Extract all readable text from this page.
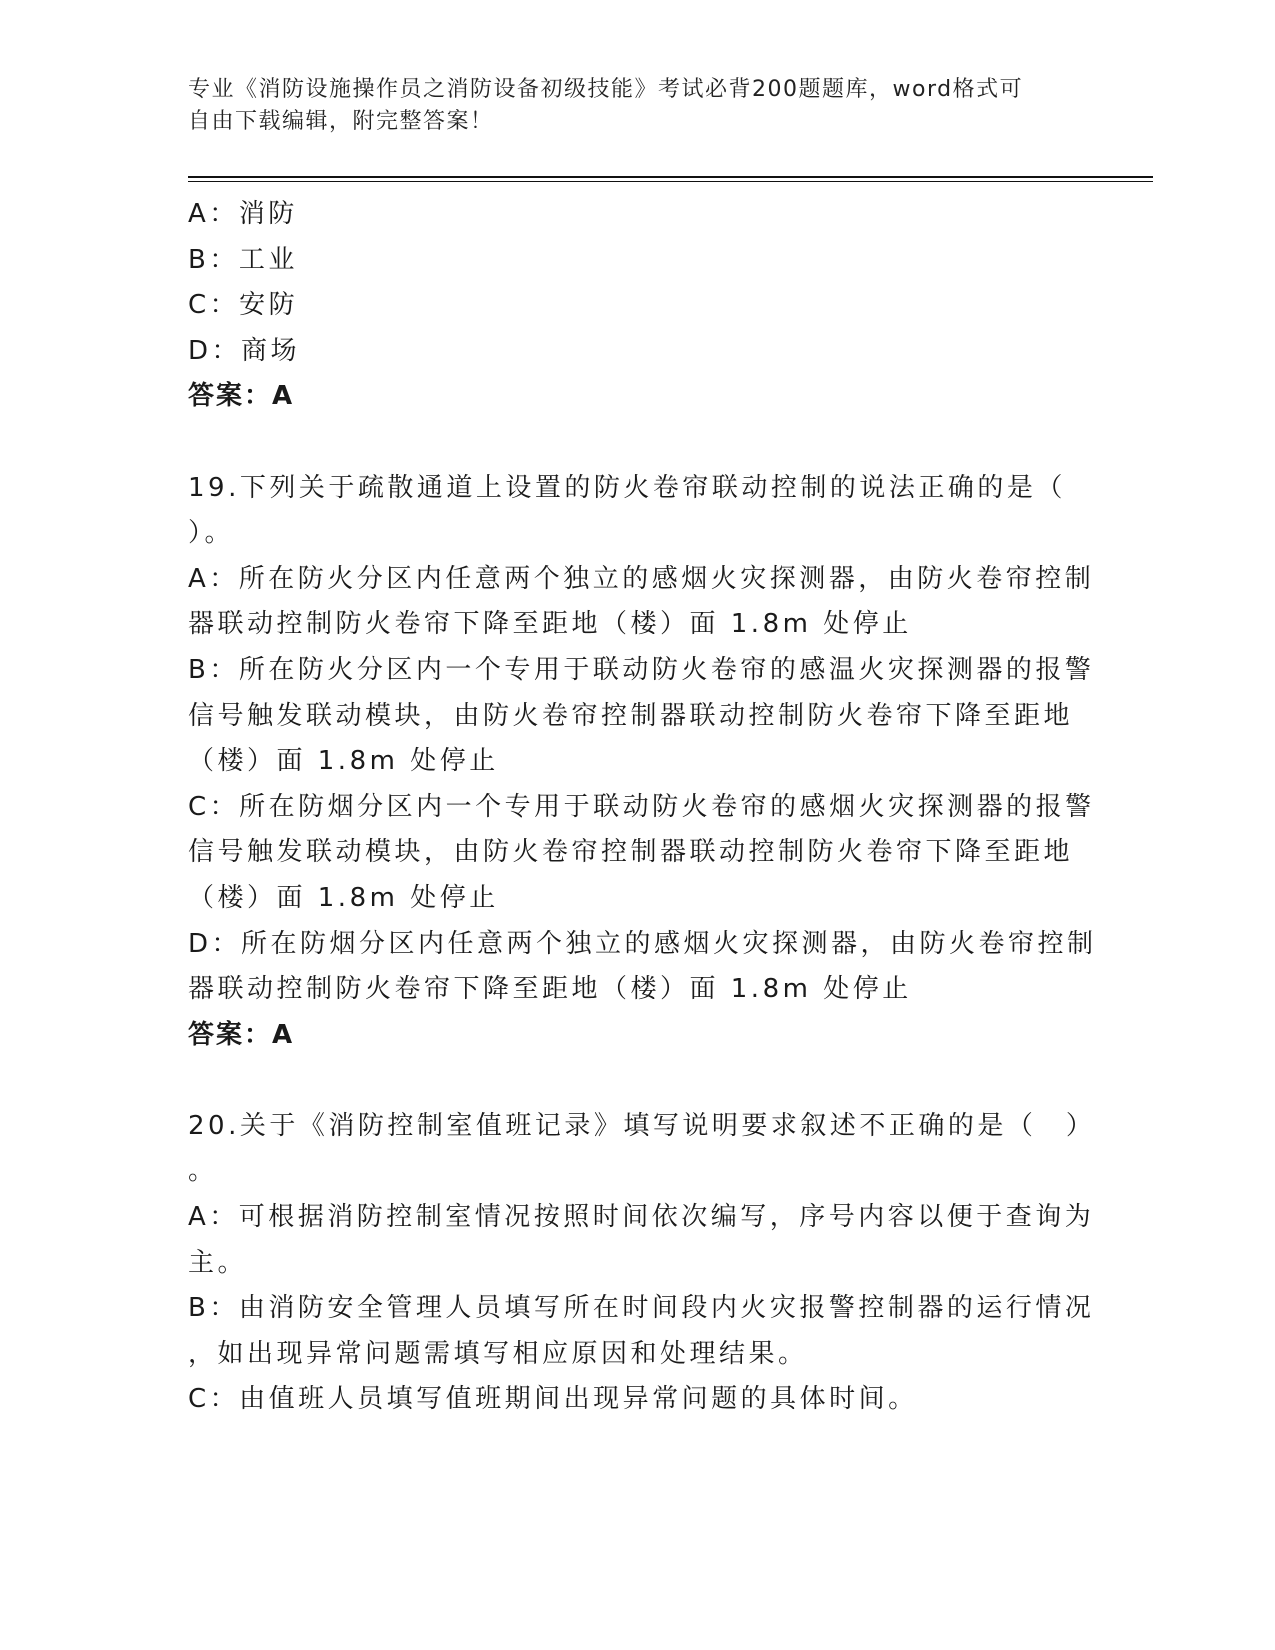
专业《消防设施操作员之消防设备初级技能》考试必背200题题库，word格式可
自由下载编辑，附完整答案！
A：消防
B：工业
C：安防
D：商场
答案：A
19.下列关于疏散通道上设置的防火卷帘联动控制的说法正确的是（
）。
A：所在防火分区内任意两个独立的感烟火灾探测器，由防火卷帘控制
器联动控制防火卷帘下降至距地（楼）面 1.8m 处停止
B：所在防火分区内一个专用于联动防火卷帘的感温火灾探测器的报警
信号触发联动模块，由防火卷帘控制器联动控制防火卷帘下降至距地
（楼）面 1.8m 处停止
C：所在防烟分区内一个专用于联动防火卷帘的感烟火灾探测器的报警
信号触发联动模块，由防火卷帘控制器联动控制防火卷帘下降至距地
（楼）面 1.8m 处停止
D：所在防烟分区内任意两个独立的感烟火灾探测器，由防火卷帘控制
器联动控制防火卷帘下降至距地（楼）面 1.8m 处停止
答案：A
20.关于《消防控制室值班记录》填写说明要求叙述不正确的是（　）
。
A：可根据消防控制室情况按照时间依次编写，序号内容以便于查询为
主。
B：由消防安全管理人员填写所在时间段内火灾报警控制器的运行情况
，如出现异常问题需填写相应原因和处理结果。
C：由值班人员填写值班期间出现异常问题的具体时间。
